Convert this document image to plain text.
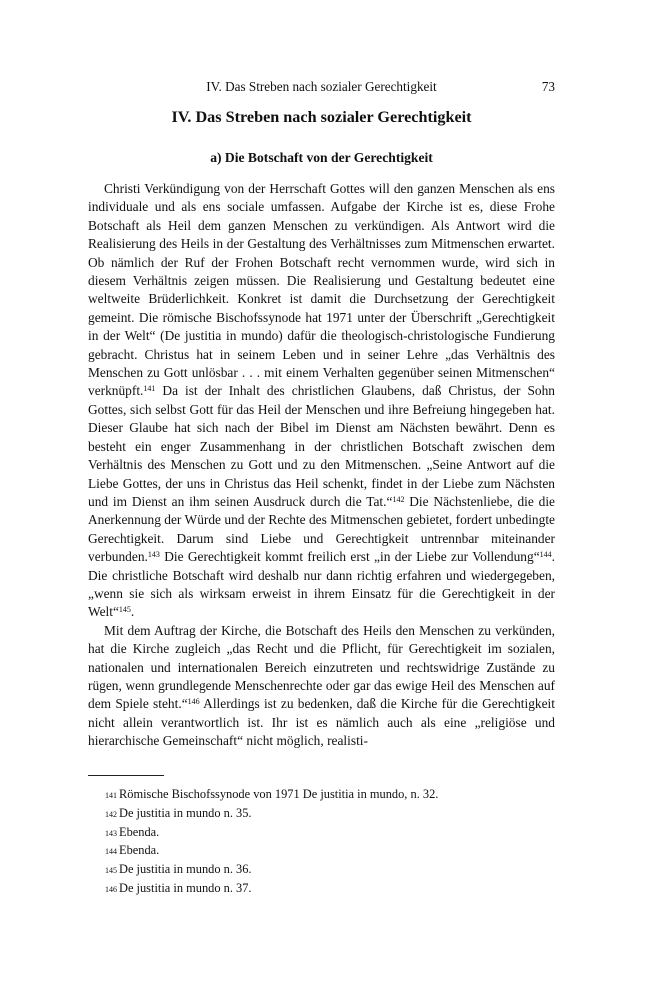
IV. Das Streben nach sozialer Gerechtigkeit	73
IV. Das Streben nach sozialer Gerechtigkeit
a) Die Botschaft von der Gerechtigkeit

Christi Verkündigung von der Herrschaft Gottes will den ganzen Menschen als ens individuale und als ens sociale umfassen. Aufgabe der Kirche ist es, diese Frohe Botschaft als Heil dem ganzen Menschen zu verkündigen. Als Antwort wird die Realisierung des Heils in der Gestaltung des Verhältnisses zum Mitmenschen erwartet. Ob nämlich der Ruf der Frohen Botschaft recht vernommen wurde, wird sich in diesem Verhältnis zeigen müssen. Die Realisierung und Gestaltung bedeutet eine weltweite Brüderlichkeit. Konkret ist damit die Durchsetzung der Gerechtigkeit gemeint. Die römische Bischofssynode hat 1971 unter der Überschrift „Gerechtigkeit in der Welt“ (De justitia in mundo) dafür die theologisch-christologische Fundierung gebracht. Christus hat in seinem Leben und in seiner Lehre „das Verhältnis des Menschen zu Gott unlösbar . . . mit einem Verhalten gegenüber seinen Mitmenschen“ verknüpft.$^{141}$ Da ist der Inhalt des christlichen Glaubens, daß Christus, der Sohn Gottes, sich selbst Gott für das Heil der Menschen und ihre Befreiung hingegeben hat. Dieser Glaube hat sich nach der Bibel im Dienst am Nächsten bewährt. Denn es besteht ein enger Zusammenhang in der christlichen Botschaft zwischen dem Verhältnis des Menschen zu Gott und zu den Mitmenschen. „Seine Antwort auf die Liebe Gottes, der uns in Christus das Heil schenkt, findet in der Liebe zum Nächsten und im Dienst an ihm seinen Ausdruck durch die Tat.“$^{142}$ Die Nächstenliebe, die die Anerkennung der Würde und der Rechte des Mitmenschen gebietet, fordert unbedingte Gerechtigkeit. Darum sind Liebe und Gerechtigkeit untrennbar miteinander verbunden.$^{143}$ Die Gerechtigkeit kommt freilich erst „in der Liebe zur Vollendung“$^{144}$. Die christliche Botschaft wird deshalb nur dann richtig erfahren und wiedergegeben, „wenn sie sich als wirksam erweist in ihrem Einsatz für die Gerechtigkeit in der Welt“$^{145}$.

Mit dem Auftrag der Kirche, die Botschaft des Heils den Menschen zu verkünden, hat die Kirche zugleich „das Recht und die Pflicht, für Gerechtigkeit im sozialen, nationalen und internationalen Bereich einzutreten und rechtswidrige Zustände zu rügen, wenn grundlegende Menschenrechte oder gar das ewige Heil des Menschen auf dem Spiele steht.“$^{146}$ Allerdings ist zu bedenken, daß die Kirche für die Gerechtigkeit nicht allein verantwortlich ist. Ihr ist es nämlich auch als eine „religiöse und hierarchische Gemeinschaft“ nicht möglich, realisti-

141 Römische Bischofssynode von 1971 De justitia in mundo, n. 32.
142 De justitia in mundo n. 35.
143 Ebenda.
144 Ebenda.
145 De justitia in mundo n. 36.
146 De justitia in mundo n. 37.
